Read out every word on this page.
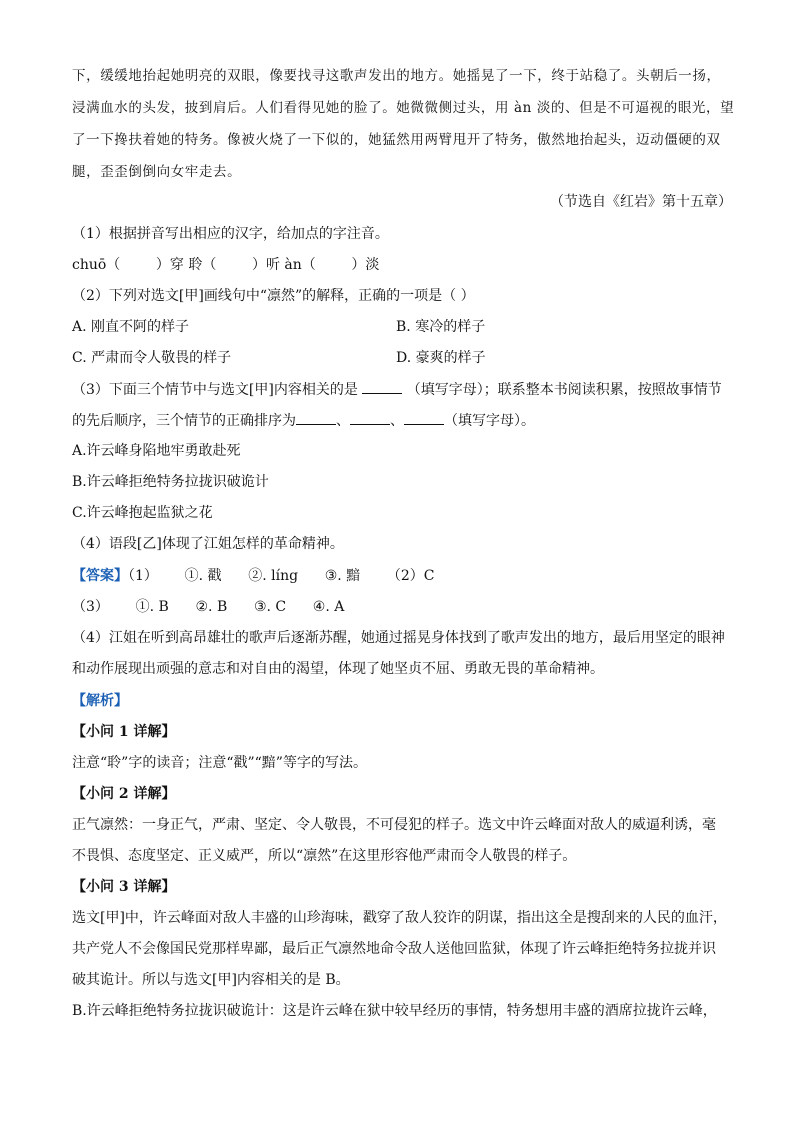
下，缓缓地抬起她明亮的双眼，像要找寻这歌声发出的地方。她摇晃了一下，终于站稳了。头朝后一扬，
浸满血水的头发，披到肩后。人们看得见她的脸了。她微微侧过头，用 àn 淡的、但是不可逼视的眼光，望
了一下搀扶着她的特务。像被火烧了一下似的，她猛然用两臂甩开了特务，傲然地抬起头，迈动僵硬的双
腿，歪歪倒倒向女牢走去。
（节选自《红岩》第十五章）
（1）根据拼音写出相应的汉字，给加点的字注音。
chuō（        ）穿 聆（        ）听 àn（        ）淡
（2）下列对选文[甲]画线句中“凛然”的解释，正确的一项是（ ）
A. 刚直不阿的样子	B. 寒冷的样子
C. 严肃而令人敬畏的样子	D. 豪爽的样子
（3）下面三个情节中与选文[甲]内容相关的是	（填写字母）；联系整本书阅读积累，按照故事情节
的先后顺序，三个情节的正确排序为	、	、	（填写字母）。
A.许云峰身陷地牢勇敢赴死
B.许云峰拒绝特务拉拢识破诡计
C.许云峰抱起监狱之花
（4）语段[乙]体现了江姐怎样的革命精神。
【答案】（1）      ①. 戳      ②. líng      ③. 黯      （2）C
（3）      ①. B      ②. B      ③. C      ④. A
（4）江姐在听到高昂雄壮的歌声后逐渐苏醒，她通过摇晃身体找到了歌声发出的地方，最后用坚定的眼神
和动作展现出顽强的意志和对自由的渴望，体现了她坚贞不屈、勇敢无畏的革命精神。
【解析】
【小问 1 详解】
注意“聆”字的读音；注意“戳”“黯”等字的写法。
【小问 2 详解】
正气凛然：一身正气，严肃、坚定、令人敬畏，不可侵犯的样子。选文中许云峰面对敌人的威逼利诱，毫
不畏惧、态度坚定、正义威严，所以“凛然”在这里形容他严肃而令人敬畏的样子。
【小问 3 详解】
选文[甲]中，许云峰面对敌人丰盛的山珍海味，戳穿了敌人狡诈的阴谋，指出这全是搜刮来的人民的血汗，
共产党人不会像国民党那样卑鄙，最后正气凛然地命令敌人送他回监狱，体现了许云峰拒绝特务拉拢并识
破其诡计。所以与选文[甲]内容相关的是 B。
B.许云峰拒绝特务拉拢识破诡计：这是许云峰在狱中较早经历的事情，特务想用丰盛的酒席拉拢许云峰，
